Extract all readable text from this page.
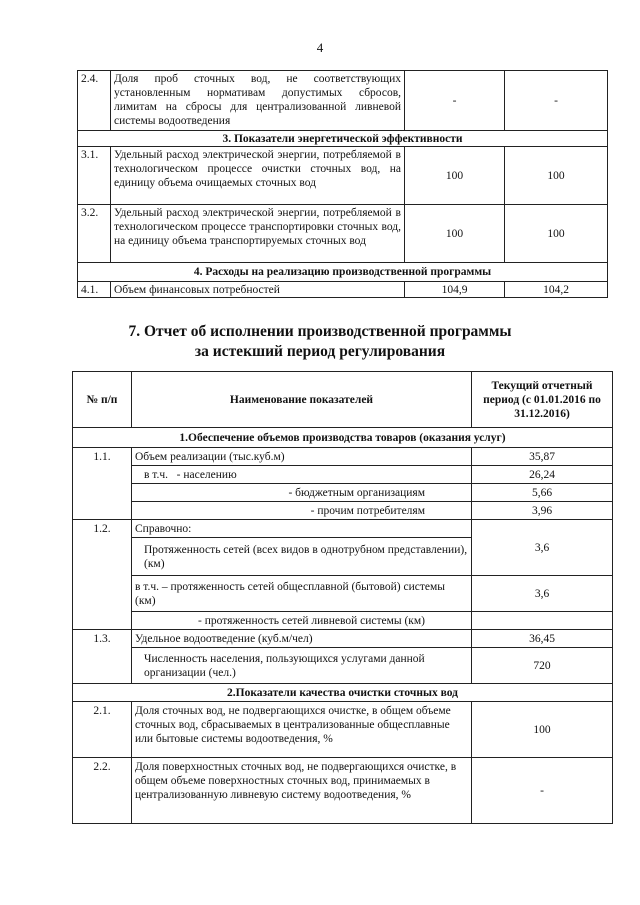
4
2.4.	Доля проб сточных вод, не соответствующих установленным нормативам допустимых сбросов, лимитам на сбросы для централизованной ливневой системы водоотведения	-	-
3. Показатели энергетической эффективности			
3.1.	Удельный расход электрической энергии, потребляемой в технологическом процессе очистки сточных вод, на единицу объема очищаемых сточных вод	100	100
3.2.	Удельный расход электрической энергии, потребляемой в технологическом процессе транспортировки сточных вод, на единицу объема транспортируемых сточных вод	100	100
4. Расходы на реализацию производственной программы			
4.1.	Объем финансовых потребностей	104,9	104,2
7. Отчет об исполнении производственной программы
за истекший период регулирования
№ п/п	Наименование показателей	Текущий отчетный период (с 01.01.2016 по 31.12.2016)
1.Обеспечение объемов производства товаров (оказания услуг)		
1.1.	Объем реализации (тыс.куб.м)	35,87
	в т.ч. - населению	26,24
	- бюджетным организациям	5,66
	- прочим потребителям	3,96
1.2.	Справочно:	3,6
	Протяженность сетей (всех видов в однотрубном представлении), (км)	
	в т.ч. – протяженность сетей общесплавной (бытовой) системы (км)	3,6
	- протяженность сетей ливневой системы (км)	
1.3.	Удельное водоотведение (куб.м/чел)	36,45
	Численность населения, пользующихся услугами данной организации (чел.)	720
2.Показатели качества очистки сточных вод		
2.1.	Доля сточных вод, не подвергающихся очистке, в общем объеме сточных вод, сбрасываемых в централизованные общесплавные или бытовые системы водоотведения, %	100
2.2.	Доля поверхностных сточных вод, не подвергающихся очистке, в общем объеме поверхностных сточных вод, принимаемых в централизованную ливневую систему водоотведения, %	-
